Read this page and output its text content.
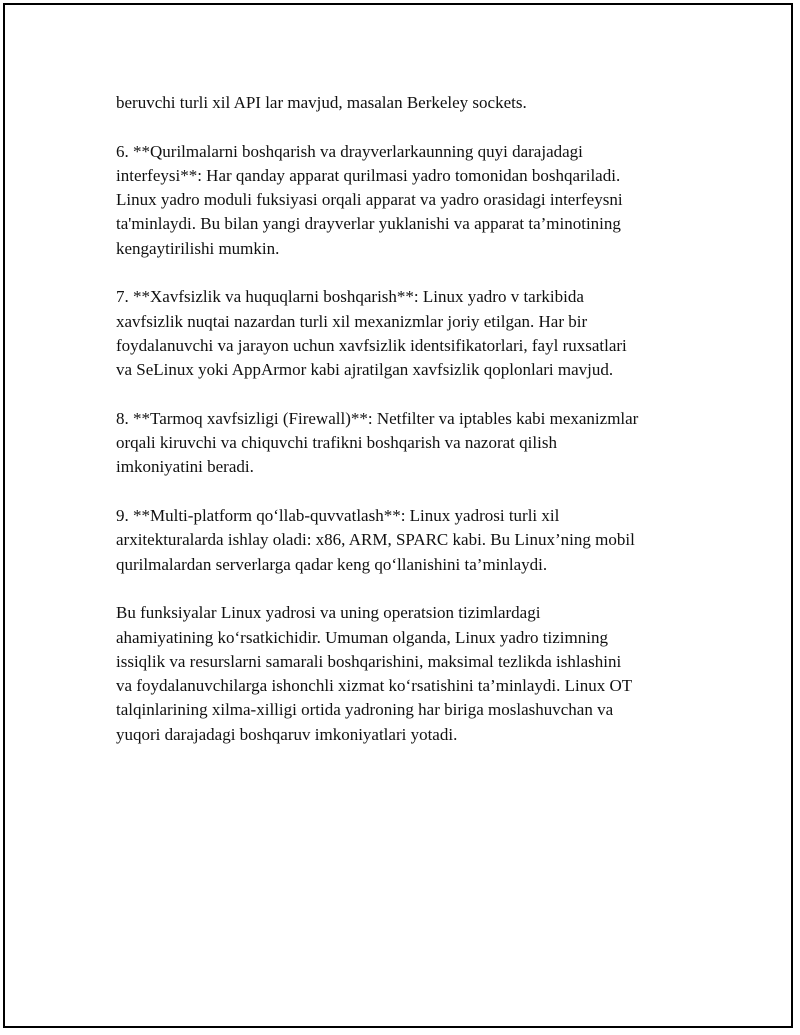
beruvchi turli xil API lar mavjud, masalan Berkeley sockets.

6. **Qurilmalarni boshqarish va drayverlarkaunning quyi darajadagi
interfeysi**: Har qanday apparat qurilmasi yadro tomonidan boshqariladi.
Linux yadro moduli fuksiyasi orqali apparat va yadro orasidagi interfeysni
ta'minlaydi. Bu bilan yangi drayverlar yuklanishi va apparat ta’minotining
kengaytirilishi mumkin.

7. **Xavfsizlik va huquqlarni boshqarish**: Linux yadro v tarkibida
xavfsizlik nuqtai nazardan turli xil mexanizmlar joriy etilgan. Har bir
foydalanuvchi va jarayon uchun xavfsizlik identsifikatorlari, fayl ruxsatlari
va SeLinux yoki AppArmor kabi ajratilgan xavfsizlik qoplonlari mavjud.

8. **Tarmoq xavfsizligi (Firewall)**: Netfilter va iptables kabi mexanizmlar
orqali kiruvchi va chiquvchi trafikni boshqarish va nazorat qilish
imkoniyatini beradi.

9. **Multi-platform qo‘llab-quvvatlash**: Linux yadrosi turli xil
arxitekturalarda ishlay oladi: x86, ARM, SPARC kabi. Bu Linux’ning mobil
qurilmalardan serverlarga qadar keng qo‘llanishini ta’minlaydi.

Bu funksiyalar Linux yadrosi va uning operatsion tizimlardagi
ahamiyatining ko‘rsatkichidir. Umuman olganda, Linux yadro tizimning
issiqlik va resurslarni samarali boshqarishini, maksimal tezlikda ishlashini
va foydalanuvchilarga ishonchli xizmat ko‘rsatishini ta’minlaydi. Linux OT
talqinlarining xilma-xilligi ortida yadroning har biriga moslashuvchan va
yuqori darajadagi boshqaruv imkoniyatlari yotadi.
